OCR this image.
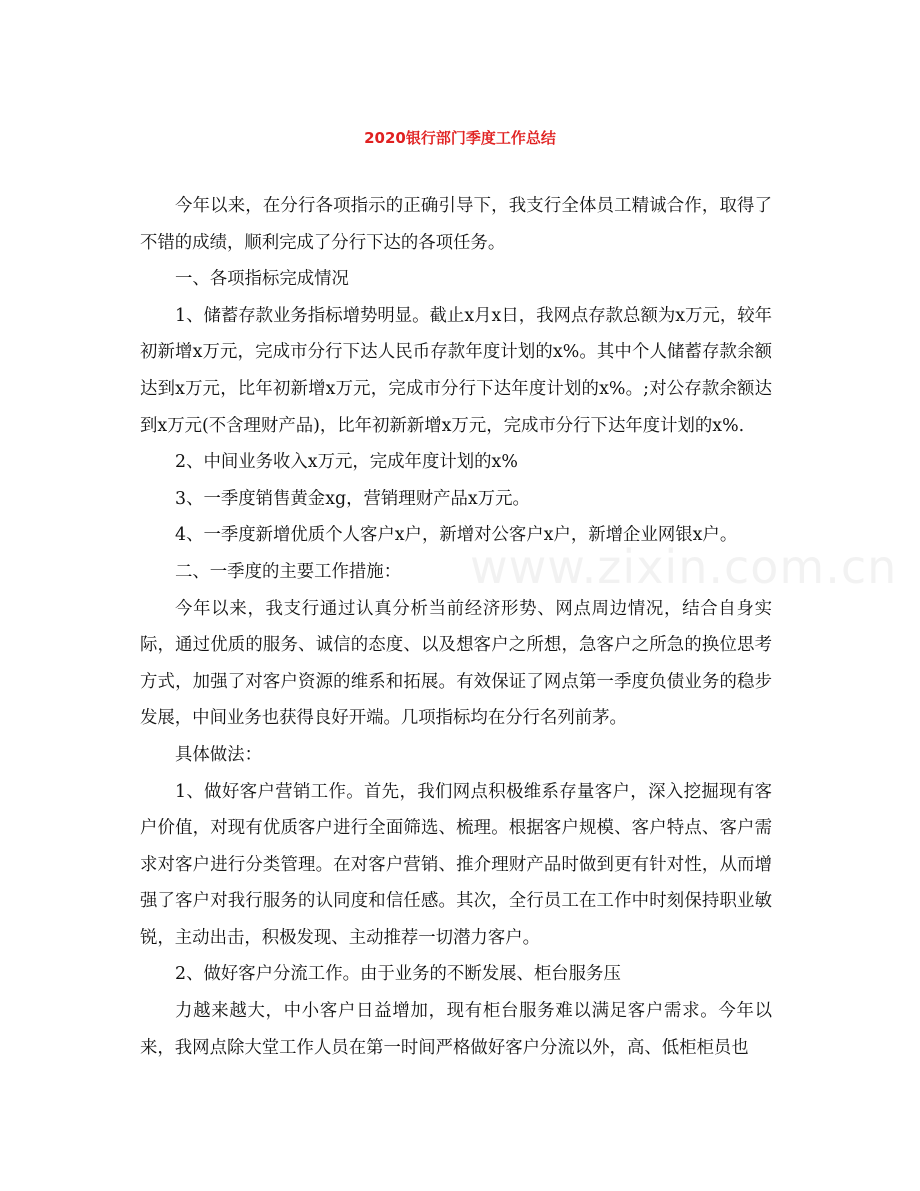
2020银行部门季度工作总结

今年以来，在分行各项指示的正确引导下，我支行全体员工精诚合作，取得了不错的成绩，顺利完成了分行下达的各项任务。

一、各项指标完成情况

1、储蓄存款业务指标增势明显。截止x月x日，我网点存款总额为x万元，较年初新增x万元，完成市分行下达人民币存款年度计划的x%。其中个人储蓄存款余额达到x万元，比年初新增x万元，完成市分行下达年度计划的x%。;对公存款余额达到x万元(不含理财产品)，比年初新新增x万元，完成市分行下达年度计划的x%.

2、中间业务收入x万元，完成年度计划的x%

3、一季度销售黄金xg，营销理财产品x万元。

4、一季度新增优质个人客户x户，新增对公客户x户，新增企业网银x户。

二、一季度的主要工作措施：

今年以来，我支行通过认真分析当前经济形势、网点周边情况，结合自身实际，通过优质的服务、诚信的态度、以及想客户之所想，急客户之所急的换位思考方式，加强了对客户资源的维系和拓展。有效保证了网点第一季度负债业务的稳步发展，中间业务也获得良好开端。几项指标均在分行名列前茅。

具体做法：

1、做好客户营销工作。首先，我们网点积极维系存量客户，深入挖掘现有客户价值，对现有优质客户进行全面筛选、梳理。根据客户规模、客户特点、客户需求对客户进行分类管理。在对客户营销、推介理财产品时做到更有针对性，从而增强了客户对我行服务的认同度和信任感。其次，全行员工在工作中时刻保持职业敏锐，主动出击，积极发现、主动推荐一切潜力客户。

2、做好客户分流工作。由于业务的不断发展、柜台服务压

力越来越大，中小客户日益增加，现有柜台服务难以满足客户需求。今年以来，我网点除大堂工作人员在第一时间严格做好客户分流以外，高、低柜柜员也

www.zixin.com.cn
